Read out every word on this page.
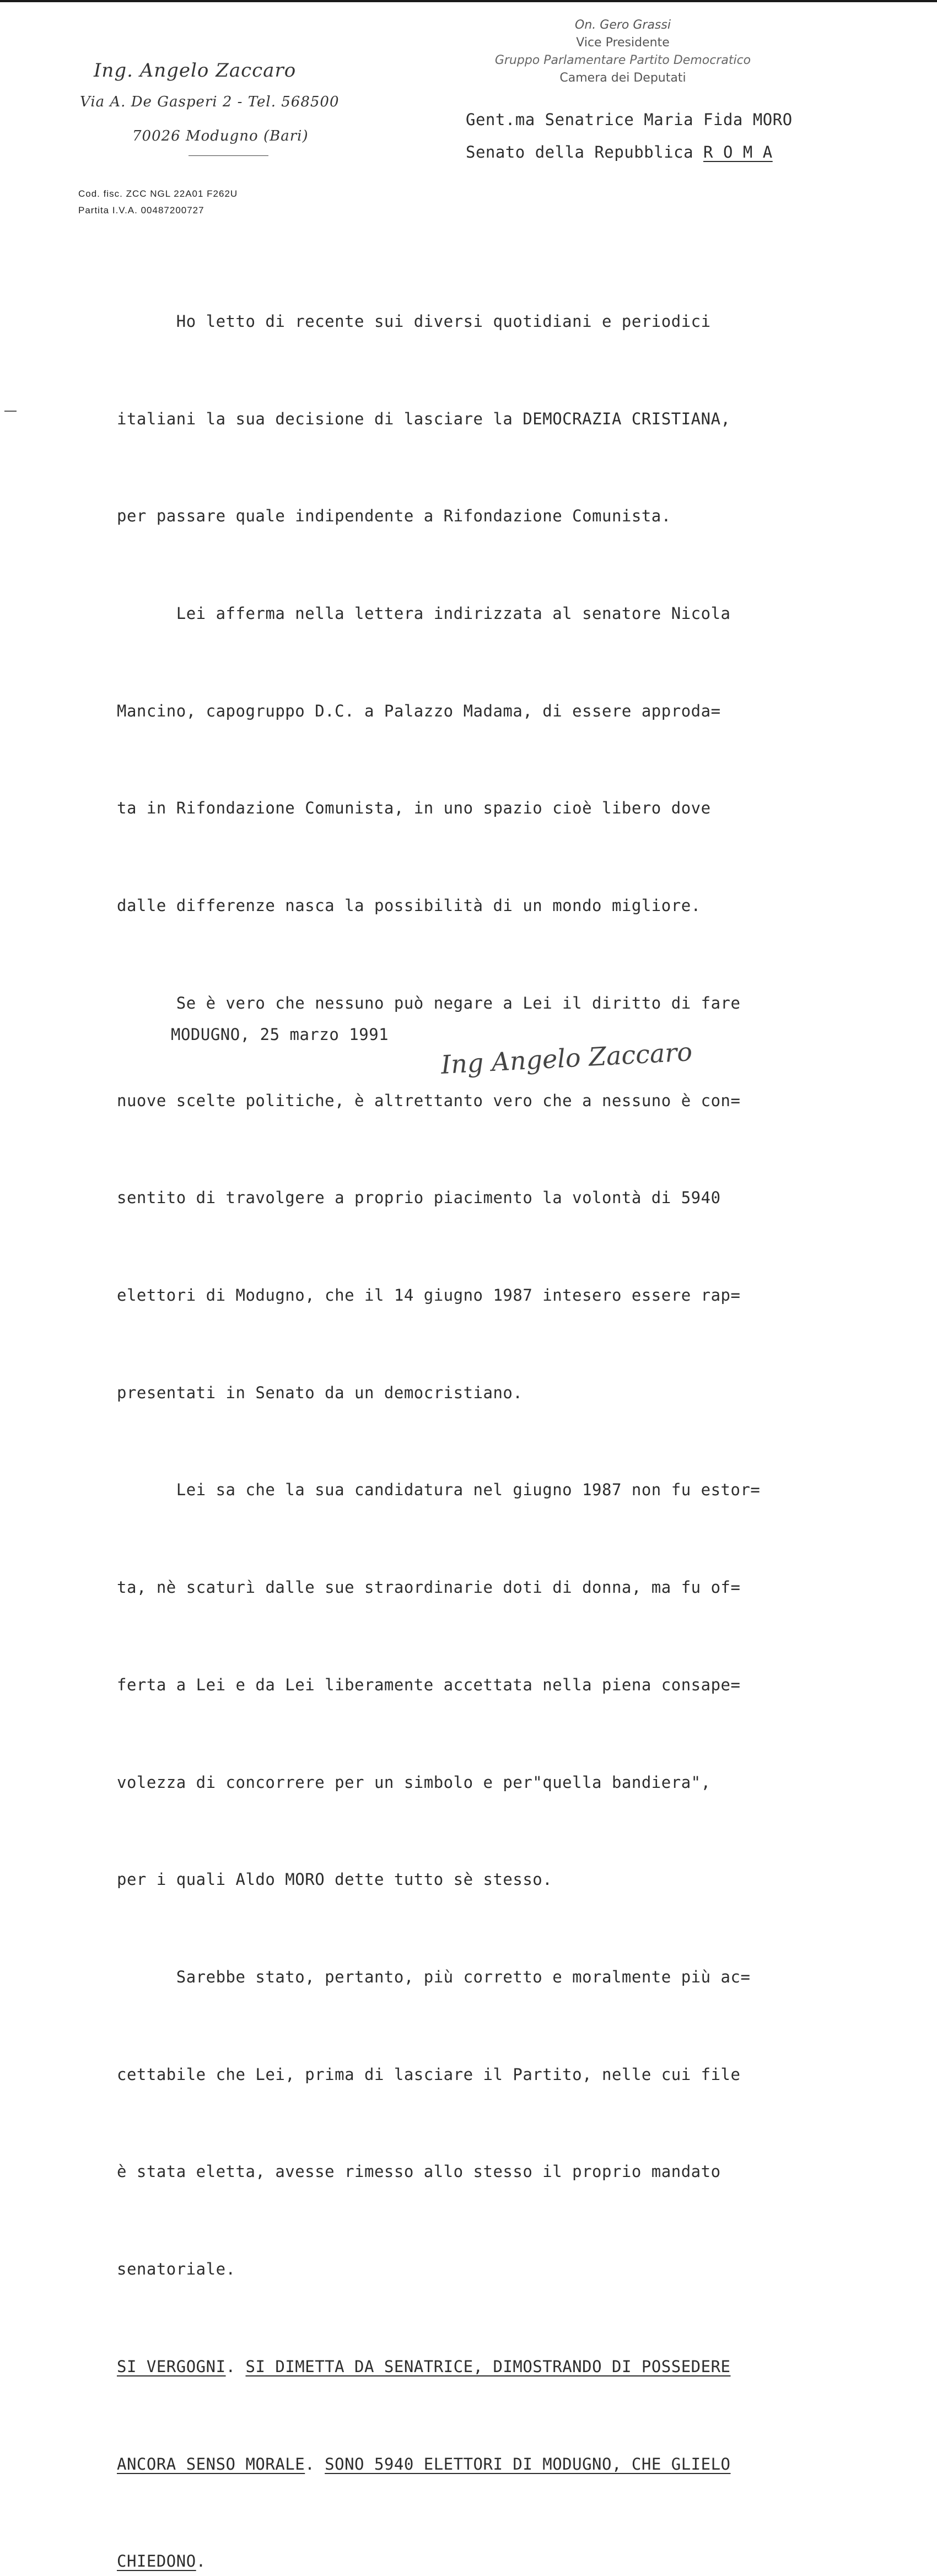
On. Gero Grassi
Vice Presidente
Gruppo Parlamentare Partito Democratico
Camera dei Deputati
Ing. Angelo Zaccaro
Via A. De Gasperi 2 - Tel. 568500
70026 Modugno (Bari)
Cod. fisc. ZCC NGL 22A01 F262U
Partita I.V.A. 00487200727
Gent.ma Senatrice Maria Fida MORO
Senato della Repubblica R O M A

Ho letto di recente sui diversi quotidiani e periodici

italiani la sua decisione di lasciare la DEMOCRAZIA CRISTIANA,

per passare quale indipendente a Rifondazione Comunista.

Lei afferma nella lettera indirizzata al senatore Nicola

Mancino, capogruppo D.C. a Palazzo Madama, di essere approda=

ta in Rifondazione Comunista, in uno spazio cioè libero dove

dalle differenze nasca la possibilità di un mondo migliore.

Se è vero che nessuno può negare a Lei il diritto di fare

nuove scelte politiche, è altrettanto vero che a nessuno è con=

sentito di travolgere a proprio piacimento la volontà di 5940

elettori di Modugno, che il 14 giugno 1987 intesero essere rap=

presentati in Senato da un democristiano.

Lei sa che la sua candidatura nel giugno 1987 non fu estor=

ta, nè scaturì dalle sue straordinarie doti di donna, ma fu of=

ferta a Lei e da Lei liberamente accettata nella piena consape=

volezza di concorrere per un simbolo e per"quella bandiera",

per i quali Aldo MORO dette tutto sè stesso.

Sarebbe stato, pertanto, più corretto e moralmente più ac=

cettabile che Lei, prima di lasciare il Partito, nelle cui file

è stata eletta, avesse rimesso allo stesso il proprio mandato

senatoriale.

SI VERGOGNI. SI DIMETTA DA SENATRICE, DIMOSTRANDO DI POSSEDERE

ANCORA SENSO MORALE. SONO 5940 ELETTORI DI MODUGNO, CHE GLIELO

CHIEDONO.

MODUGNO, 25 marzo 1991
Ing Angelo Zaccaro
